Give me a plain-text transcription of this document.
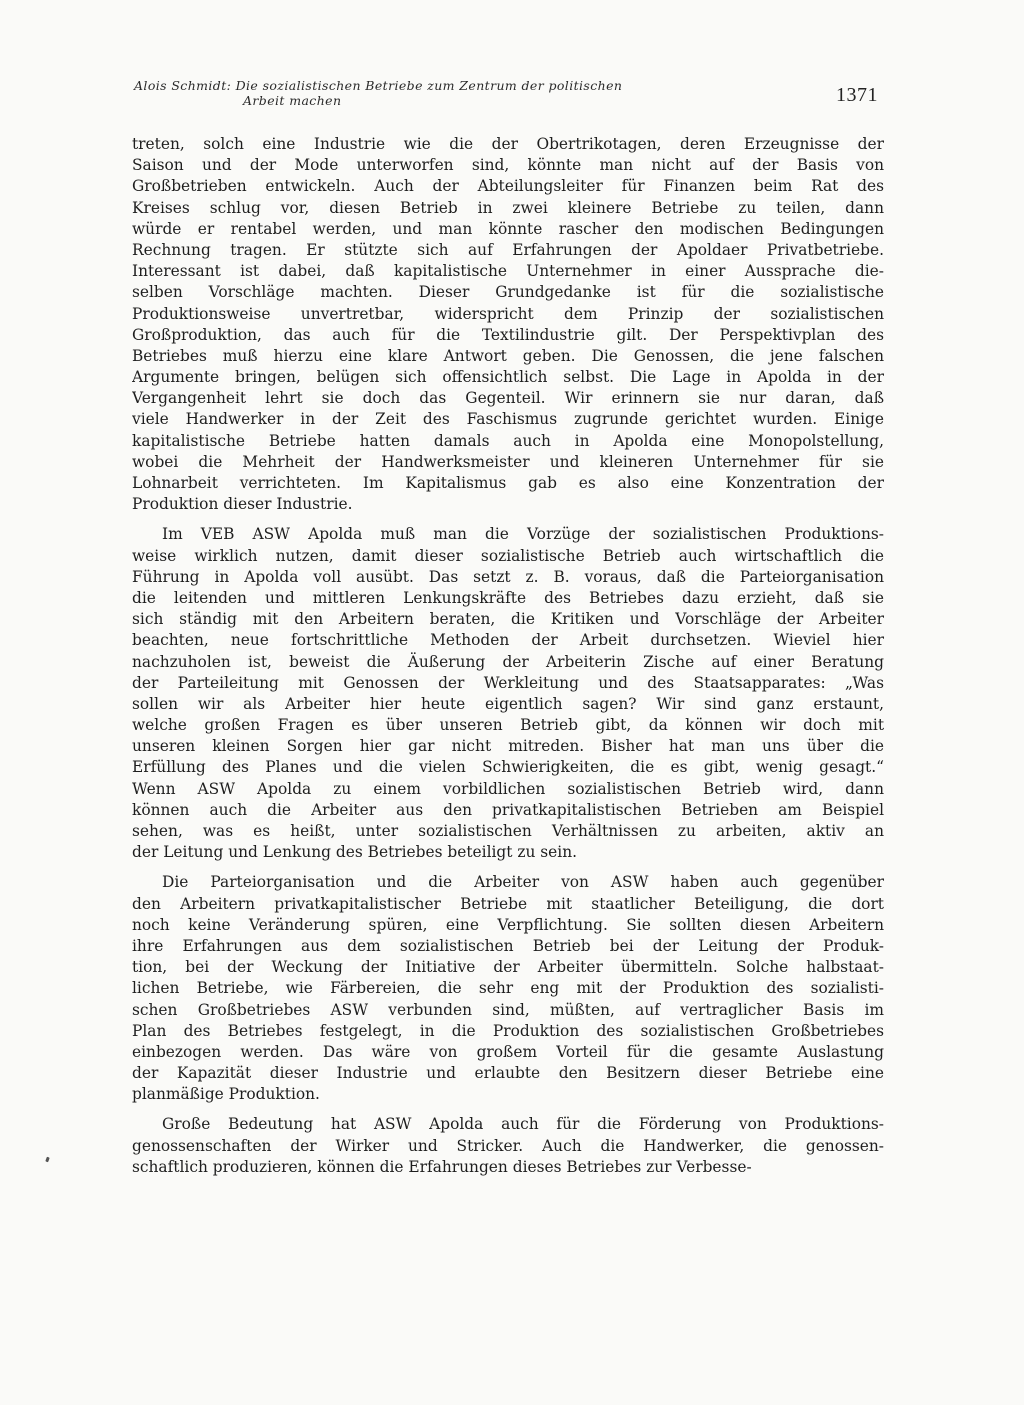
Alois Schmidt: Die sozialistischen Betriebe zum Zentrum der politischen
Arbeit machen	1371

treten, solch eine Industrie wie die der Obertrikotagen, deren Erzeugnisse der
Saison und der Mode unterworfen sind, könnte man nicht auf der Basis von
Großbetrieben entwickeln. Auch der Abteilungsleiter für Finanzen beim Rat des
Kreises schlug vor, diesen Betrieb in zwei kleinere Betriebe zu teilen, dann
würde er rentabel werden, und man könnte rascher den modischen Bedingungen
Rechnung tragen. Er stützte sich auf Erfahrungen der Apoldaer Privatbetriebe.
Interessant ist dabei, daß kapitalistische Unternehmer in einer Aussprache die-
selben Vorschläge machten. Dieser Grundgedanke ist für die sozialistische
Produktionsweise unvertretbar, widerspricht dem Prinzip der sozialistischen
Großproduktion, das auch für die Textilindustrie gilt. Der Perspektivplan des
Betriebes muß hierzu eine klare Antwort geben. Die Genossen, die jene falschen
Argumente bringen, belügen sich offensichtlich selbst. Die Lage in Apolda in der
Vergangenheit lehrt sie doch das Gegenteil. Wir erinnern sie nur daran, daß
viele Handwerker in der Zeit des Faschismus zugrunde gerichtet wurden. Einige
kapitalistische Betriebe hatten damals auch in Apolda eine Monopolstellung,
wobei die Mehrheit der Handwerksmeister und kleineren Unternehmer für sie
Lohnarbeit verrichteten. Im Kapitalismus gab es also eine Konzentration der
Produktion dieser Industrie.

Im VEB ASW Apolda muß man die Vorzüge der sozialistischen Produktions-
weise wirklich nutzen, damit dieser sozialistische Betrieb auch wirtschaftlich die
Führung in Apolda voll ausübt. Das setzt z. B. voraus, daß die Parteiorganisation
die leitenden und mittleren Lenkungskräfte des Betriebes dazu erzieht, daß sie
sich ständig mit den Arbeitern beraten, die Kritiken und Vorschläge der Arbeiter
beachten, neue fortschrittliche Methoden der Arbeit durchsetzen. Wieviel hier
nachzuholen ist, beweist die Äußerung der Arbeiterin Zische auf einer Beratung
der Parteileitung mit Genossen der Werkleitung und des Staatsapparates: „Was
sollen wir als Arbeiter hier heute eigentlich sagen? Wir sind ganz erstaunt,
welche großen Fragen es über unseren Betrieb gibt, da können wir doch mit
unseren kleinen Sorgen hier gar nicht mitreden. Bisher hat man uns über die
Erfüllung des Planes und die vielen Schwierigkeiten, die es gibt, wenig gesagt.“
Wenn ASW Apolda zu einem vorbildlichen sozialistischen Betrieb wird, dann
können auch die Arbeiter aus den privatkapitalistischen Betrieben am Beispiel
sehen, was es heißt, unter sozialistischen Verhältnissen zu arbeiten, aktiv an
der Leitung und Lenkung des Betriebes beteiligt zu sein.

Die Parteiorganisation und die Arbeiter von ASW haben auch gegenüber
den Arbeitern privatkapitalistischer Betriebe mit staatlicher Beteiligung, die dort
noch keine Veränderung spüren, eine Verpflichtung. Sie sollten diesen Arbeitern
ihre Erfahrungen aus dem sozialistischen Betrieb bei der Leitung der Produk-
tion, bei der Weckung der Initiative der Arbeiter übermitteln. Solche halbstaat-
lichen Betriebe, wie Färbereien, die sehr eng mit der Produktion des sozialisti-
schen Großbetriebes ASW verbunden sind, müßten, auf vertraglicher Basis im
Plan des Betriebes festgelegt, in die Produktion des sozialistischen Großbetriebes
einbezogen werden. Das wäre von großem Vorteil für die gesamte Auslastung
der Kapazität dieser Industrie und erlaubte den Besitzern dieser Betriebe eine
planmäßige Produktion.

Große Bedeutung hat ASW Apolda auch für die Förderung von Produktions-
genossenschaften der Wirker und Stricker. Auch die Handwerker, die genossen-
schaftlich produzieren, können die Erfahrungen dieses Betriebes zur Verbesse-
